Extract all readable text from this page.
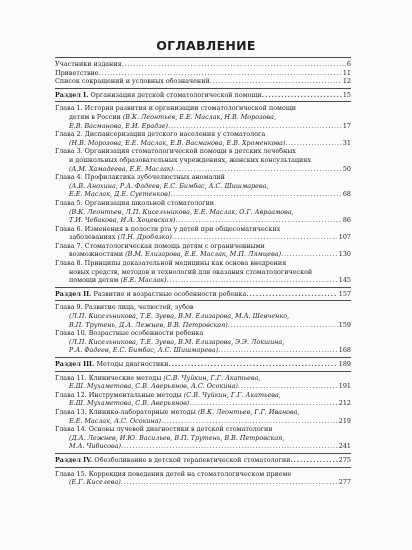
ОГЛАВЛЕНИЕ
Участники издания . . .	6
Приветствие . . .	11
Список сокращений и условных обозначений . . .	12
Раздел I. Организация детской стоматологической помощи . . .	15
Глава 1. История развития и организации стоматологической помощи
детям в России (В.К. Леонтьев, Е.Е. Маслак, Н.В. Морозова,
Е.В. Васманова, Е.И. Ерадзе) . . .	17
Глава 2. Диспансеризация детского населения у стоматолога
(Н.В. Морозова, Е.Е. Маслак, Е.В. Васманова, Е.В. Хроменкова) . . .	31
Глава 3. Организация стоматологической помощи в детских лечебных
и дошкольных образовательных учреждениях, женских консультациях
(А.М. Хамадеева, Е.Е. Маслак) . . .	50
Глава 4. Профилактика зубочелюстных аномалий
(А.В. Анохина, Р.А. Фадеев, Е.С. Бимбас, А.С. Шишмарева,
Е.Е. Маслак, Д.Е. Суетенков) . . .	68
Глава 5. Организация школьной стоматологии
(В.К. Леонтьев, Л.П. Кисельникова, Е.Е. Маслак, О.Г. Авраамова,
Т.И. Чебакова, И.А. Хоцевская) . . .	86
Глава 6. Изменения в полости рта у детей при общесоматических
заболеваниях (Л.Н. Дробязко) . . .	107
Глава 7. Стоматологическая помощь детям с ограниченными
возможностями (В.М. Елизарова, Е.Е. Маслак, М.П. Лямцева) . . .	130
Глава 8. Принципы доказательной медицины как основа внедрения
новых средств, методов и технологий для оказания стоматологической
помощи детям (Е.Е. Маслак) . . .	145
Раздел II. Развитие и возрастные особенности ребенка . . .	157
Глава 9. Развитие лица, челюстей, зубов
(Л.П. Кисельникова, Т.Е. Зуева, В.М. Елизарова, М.А. Шевченко,
В.П. Трутень, Д.А. Лежнев, В.В. Петровская) . . .	159
Глава 10. Возрастные особенности ребенка
(Л.П. Кисельникова, Т.Е. Зуева, В.М. Елизарова, Э.Э. Локшина,
Р.А. Фадеев, Е.С. Бимбас, А.С. Шишмарева) . . .	168
Раздел III. Методы диагностики . . .	189
Глава 11. Клинические методы (С.В. Чуйкин, Г.Г. Акатьева,
Е.Ш. Мухаметова, С.В. Аверьянов, А.С. Осокина) . . .	191
Глава 12. Инструментальные методы (С.В. Чуйкин, Г.Г. Акатьева,
Е.Ш. Мухаметова, С.В. Аверьянов) . . .	212
Глава 13. Клинико-лабораторные методы (В.К. Леонтьев, Г.Г. Иванова,
Е.Е. Маслак, А.С. Осокина) . . .	219
Глава 14. Основы лучевой диагностики в детской стоматологии
(Д.А. Лежнев, И.Ю. Васильев, В.П. Трутень, В.В. Петровская,
М.А. Чибисова) . . .	241
Раздел IV. Обезболивание в детской терапевтической стоматологии . . .	275
Глава 15. Коррекция поведения детей на стоматологическом приеме
(Е.Г. Киселева) . . .	277
